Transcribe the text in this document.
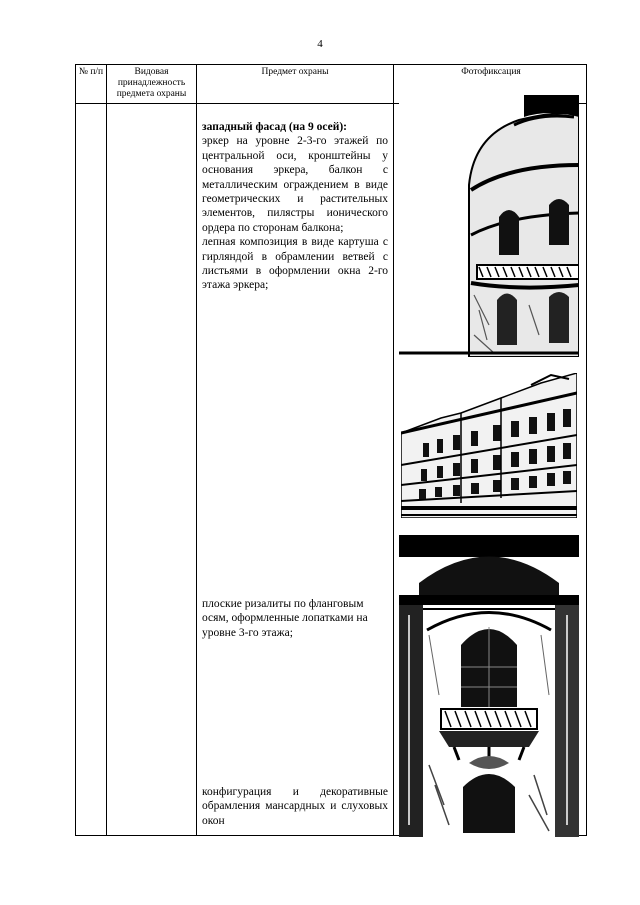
4
№ п/п	Видовая принадлежность предмета охраны
Предмет охраны	Фотофиксация
западный фасад (на 9 осей):
эркер на уровне 2-3-го этажей по центральной оси, кронштейны у основания эркера, балкон с металлическим ограждением в виде геометрических и растительных элементов, пилястры ионического ордера по сторонам балкона;
лепная композиция в виде картуша с гирляндой в обрамлении ветвей с листьями в оформлении окна 2-го этажа эркера;
плоские ризалиты по фланговым осям, оформленные лопатками на уровне 3-го этажа;
конфигурация и декоративные обрамления мансардных и слуховых окон
